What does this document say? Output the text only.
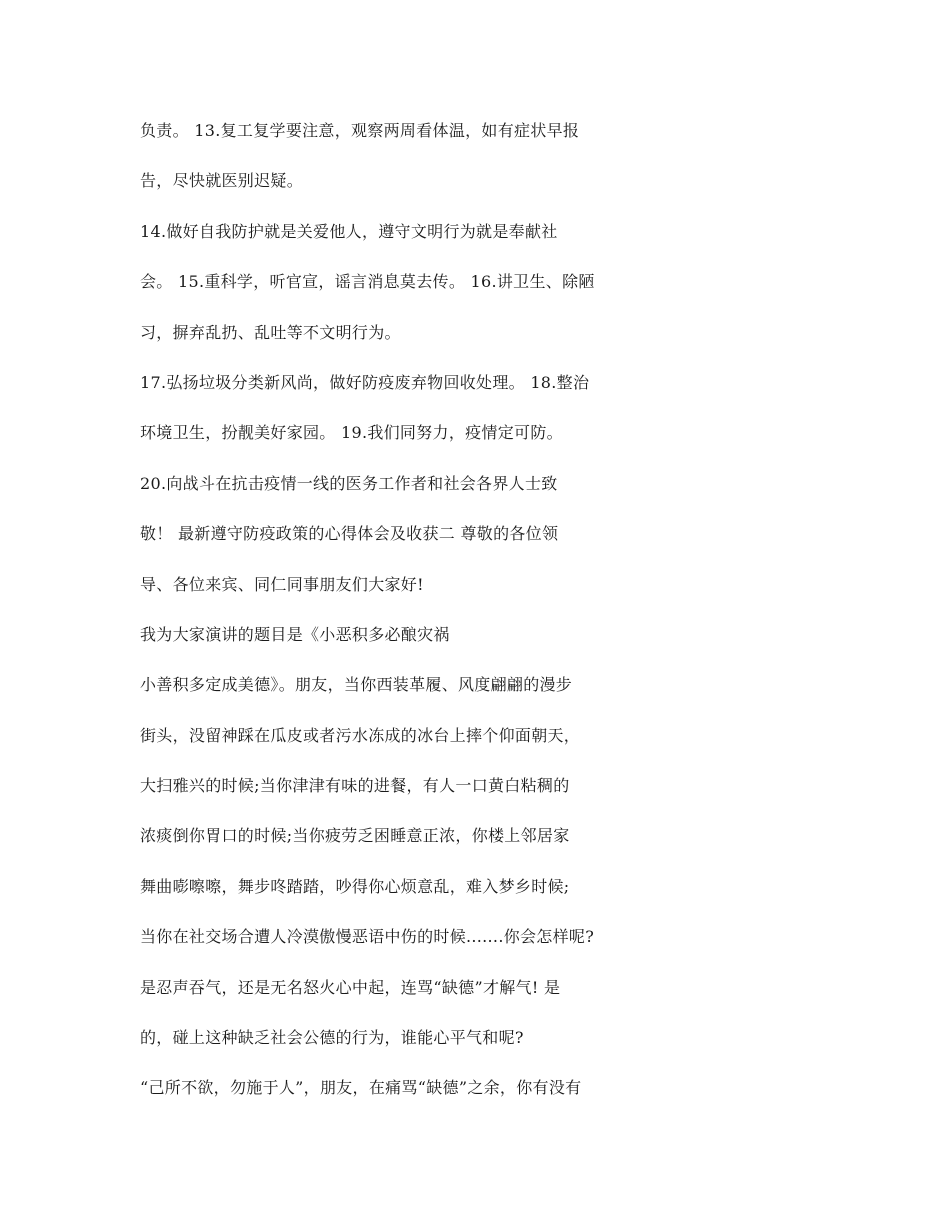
负责。 13.复工复学要注意，观察两周看体温，如有症状早报
告，尽快就医别迟疑。
14.做好自我防护就是关爱他人，遵守文明行为就是奉献社
会。 15.重科学，听官宣，谣言消息莫去传。 16.讲卫生、除陋
习，摒弃乱扔、乱吐等不文明行为。
17.弘扬垃圾分类新风尚，做好防疫废弃物回收处理。 18.整治
环境卫生，扮靓美好家园。 19.我们同努力，疫情定可防。
20.向战斗在抗击疫情一线的医务工作者和社会各界人士致
敬！ 最新遵守防疫政策的心得体会及收获二 尊敬的各位领
导、各位来宾、同仁同事朋友们大家好!
我为大家演讲的题目是《小恶积多必酿灾祸
小善积多定成美德》。朋友，当你西装革履、风度翩翩的漫步
街头，没留神踩在瓜皮或者污水冻成的冰台上摔个仰面朝天，
大扫雅兴的时候;当你津津有味的进餐，有人一口黄白粘稠的
浓痰倒你胃口的时候;当你疲劳乏困睡意正浓，你楼上邻居家
舞曲嘭嚓嚓，舞步咚踏踏，吵得你心烦意乱，难入梦乡时候;
当你在社交场合遭人冷漠傲慢恶语中伤的时候.......你会怎样呢?
是忍声吞气，还是无名怒火心中起，连骂“缺德”才解气! 是
的，碰上这种缺乏社会公德的行为，谁能心平气和呢?
“己所不欲，勿施于人”，朋友，在痛骂“缺德”之余，你有没有
